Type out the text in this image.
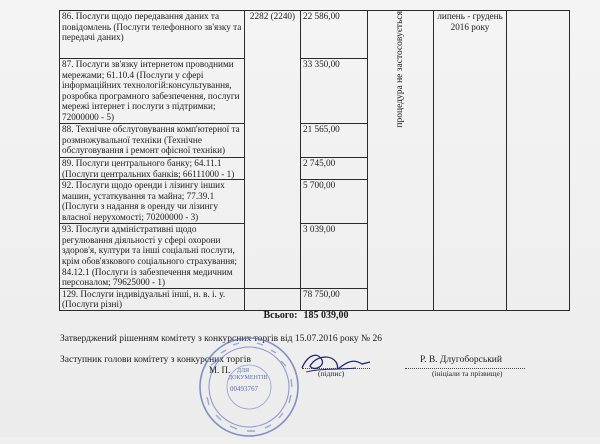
86. Послуги щодо передавання даних та повідомлень (Послуги телефонного зв'язку та передачі даних)	2282 (2240)	22 586,00	процедура не застосовується	липень - грудень 2016 року	
87. Послуги зв'язку інтернетом проводними мережами; 61.10.4 (Послуги у сфері інформаційних технологій:консультування, розробка програмного забезпечення, послуги мережі інтернет і послуги з підтримки; 72000000 - 5)		33 350,00			
88. Технічне обслуговування комп'ютерної та розмножувальної техніки (Технічне обслуговування і ремонт офісної техніки)		21 565,00			
89. Послуги центрального банку; 64.11.1 (Послуги центральних банків; 66111000 - 1)		2 745,00			
92. Послуги щодо оренди і лізингу інших машин, устаткування та майна; 77.39.1 (Послуги з надання в оренду чи лізингу власної нерухомості; 70200000 - 3)		5 700,00			
93. Послуги адміністративні щодо регулювання діяльності у сфері охорони здоров'я, култури та інші соціальні послуги, крім обов'язкового соціального страхування; 84.12.1 (Послуги із забезпечення медичним персоналом; 79625000 - 1)		3 039,00			
129. Послуги індивідуальні інші, н. в. і. у. (Послуги різні)		78 750,00			
Всього:		185 039,00			
Затверджений рішенням комітету з конкурсних торгів від 15.07.2016 року № 26
Заступник голови комітету з конкурсних торгів
(підпис)
Р. В. Длугоборський
(ініціали та прізвище)
М. П. ДЛЯ
ДОКУМЕНТІВ
00493767
